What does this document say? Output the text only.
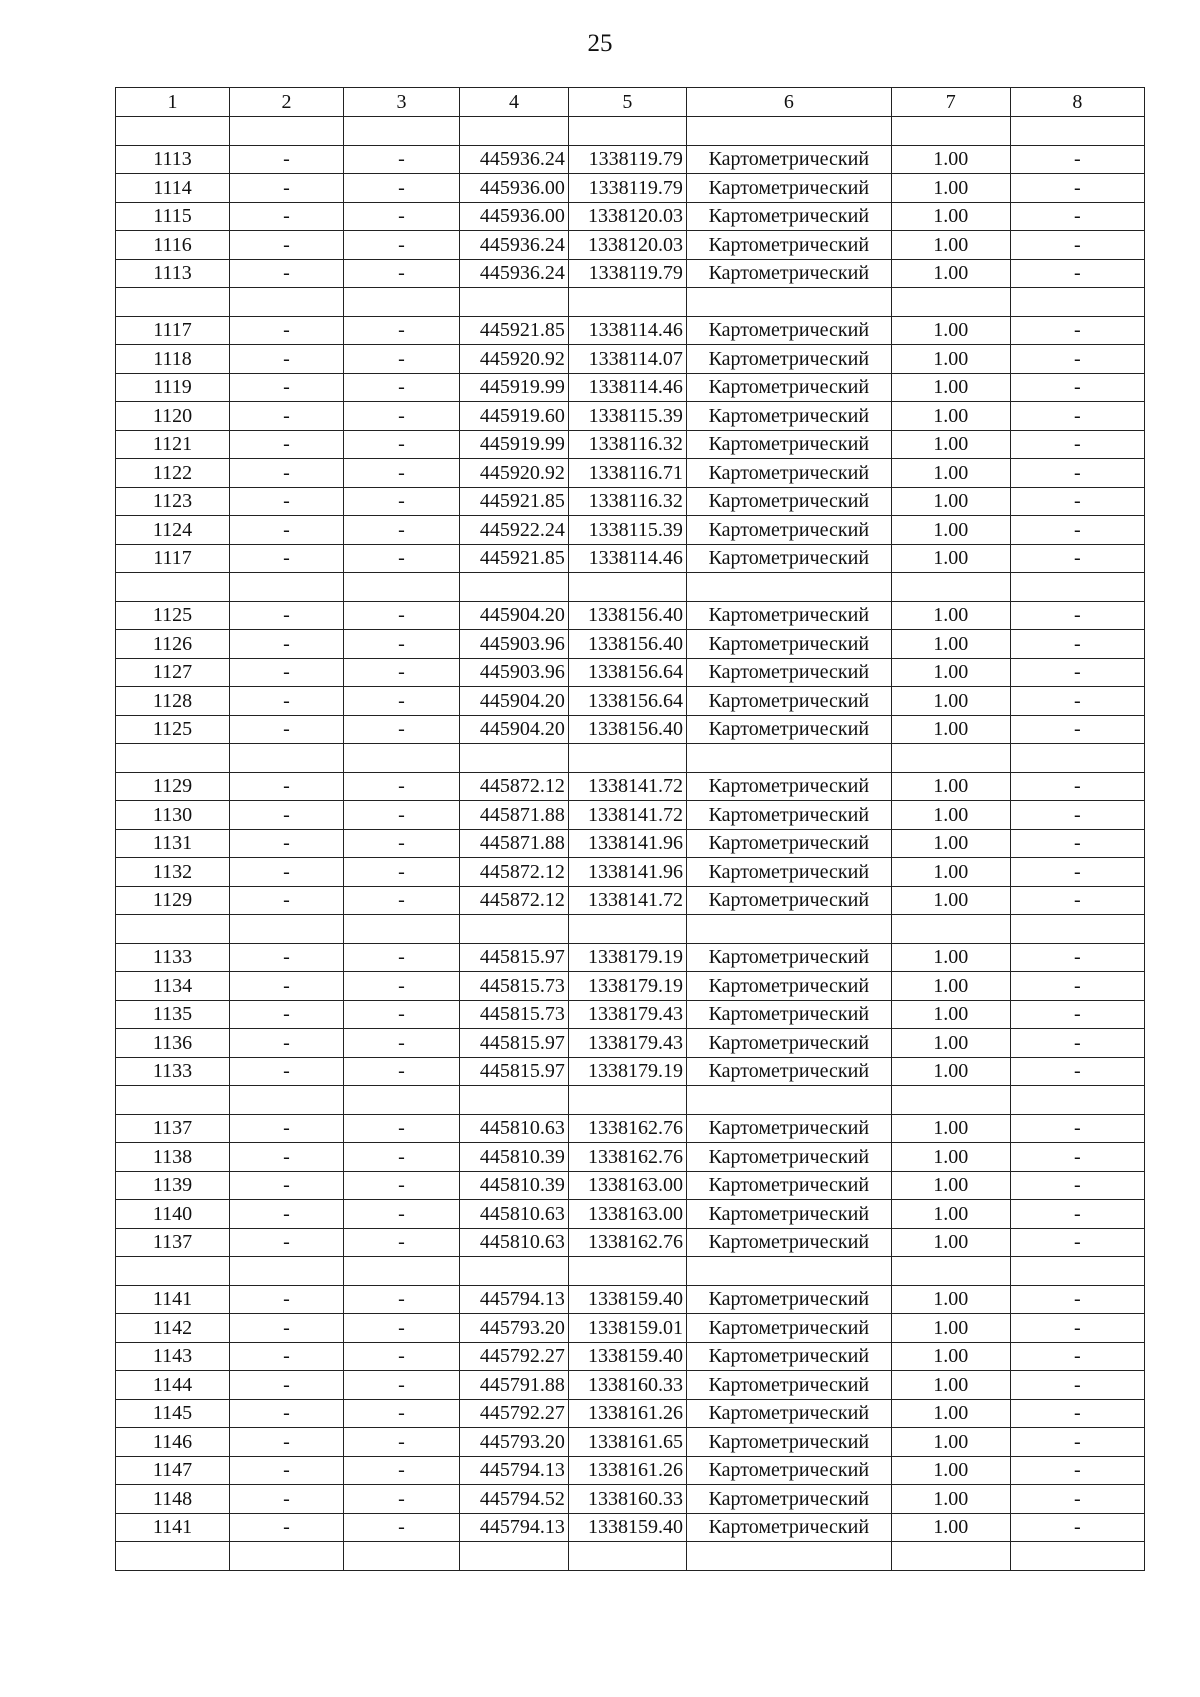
25
1	2	3	4	5	6	7	8

1113	-	-	445936.24	1338119.79	Картометрический	1.00	-
1114	-	-	445936.00	1338119.79	Картометрический	1.00	-
1115	-	-	445936.00	1338120.03	Картометрический	1.00	-
1116	-	-	445936.24	1338120.03	Картометрический	1.00	-
1113	-	-	445936.24	1338119.79	Картометрический	1.00	-

1117	-	-	445921.85	1338114.46	Картометрический	1.00	-
1118	-	-	445920.92	1338114.07	Картометрический	1.00	-
1119	-	-	445919.99	1338114.46	Картометрический	1.00	-
1120	-	-	445919.60	1338115.39	Картометрический	1.00	-
1121	-	-	445919.99	1338116.32	Картометрический	1.00	-
1122	-	-	445920.92	1338116.71	Картометрический	1.00	-
1123	-	-	445921.85	1338116.32	Картометрический	1.00	-
1124	-	-	445922.24	1338115.39	Картометрический	1.00	-
1117	-	-	445921.85	1338114.46	Картометрический	1.00	-

1125	-	-	445904.20	1338156.40	Картометрический	1.00	-
1126	-	-	445903.96	1338156.40	Картометрический	1.00	-
1127	-	-	445903.96	1338156.64	Картометрический	1.00	-
1128	-	-	445904.20	1338156.64	Картометрический	1.00	-
1125	-	-	445904.20	1338156.40	Картометрический	1.00	-

1129	-	-	445872.12	1338141.72	Картометрический	1.00	-
1130	-	-	445871.88	1338141.72	Картометрический	1.00	-
1131	-	-	445871.88	1338141.96	Картометрический	1.00	-
1132	-	-	445872.12	1338141.96	Картометрический	1.00	-
1129	-	-	445872.12	1338141.72	Картометрический	1.00	-

1133	-	-	445815.97	1338179.19	Картометрический	1.00	-
1134	-	-	445815.73	1338179.19	Картометрический	1.00	-
1135	-	-	445815.73	1338179.43	Картометрический	1.00	-
1136	-	-	445815.97	1338179.43	Картометрический	1.00	-
1133	-	-	445815.97	1338179.19	Картометрический	1.00	-

1137	-	-	445810.63	1338162.76	Картометрический	1.00	-
1138	-	-	445810.39	1338162.76	Картометрический	1.00	-
1139	-	-	445810.39	1338163.00	Картометрический	1.00	-
1140	-	-	445810.63	1338163.00	Картометрический	1.00	-
1137	-	-	445810.63	1338162.76	Картометрический	1.00	-

1141	-	-	445794.13	1338159.40	Картометрический	1.00	-
1142	-	-	445793.20	1338159.01	Картометрический	1.00	-
1143	-	-	445792.27	1338159.40	Картометрический	1.00	-
1144	-	-	445791.88	1338160.33	Картометрический	1.00	-
1145	-	-	445792.27	1338161.26	Картометрический	1.00	-
1146	-	-	445793.20	1338161.65	Картометрический	1.00	-
1147	-	-	445794.13	1338161.26	Картометрический	1.00	-
1148	-	-	445794.52	1338160.33	Картометрический	1.00	-
1141	-	-	445794.13	1338159.40	Картометрический	1.00	-
